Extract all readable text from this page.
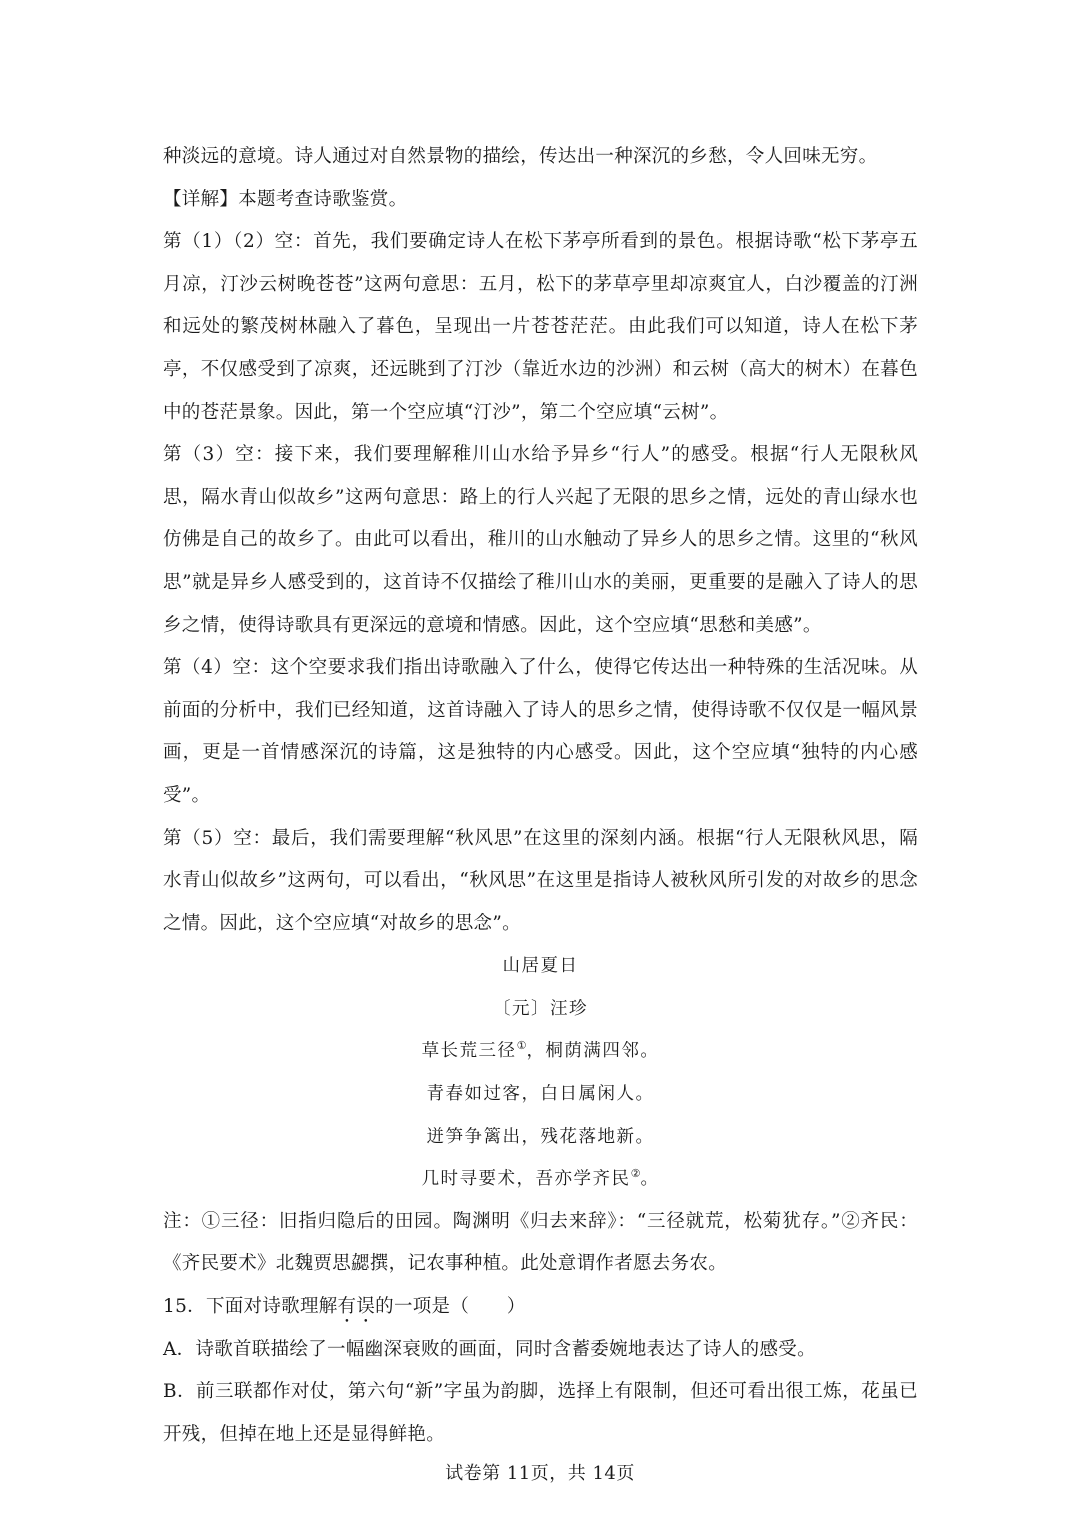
种淡远的意境。诗人通过对自然景物的描绘，传达出一种深沉的乡愁，令人回味无穷。

【详解】本题考查诗歌鉴赏。

第（1）（2）空：首先，我们要确定诗人在松下茅亭所看到的景色。根据诗歌“松下茅亭五月凉，汀沙云树晚苍苍”这两句意思：五月，松下的茅草亭里却凉爽宜人，白沙覆盖的汀洲和远处的繁茂树林融入了暮色，呈现出一片苍苍茫茫。由此我们可以知道，诗人在松下茅亭，不仅感受到了凉爽，还远眺到了汀沙（靠近水边的沙洲）和云树（高大的树木）在暮色中的苍茫景象。因此，第一个空应填“汀沙”，第二个空应填“云树”。

第（3）空：接下来，我们要理解稚川山水给予异乡“行人”的感受。根据“行人无限秋风思，隔水青山似故乡”这两句意思：路上的行人兴起了无限的思乡之情，远处的青山绿水也仿佛是自己的故乡了。由此可以看出，稚川的山水触动了异乡人的思乡之情。这里的“秋风思”就是异乡人感受到的，这首诗不仅描绘了稚川山水的美丽，更重要的是融入了诗人的思乡之情，使得诗歌具有更深远的意境和情感。因此，这个空应填“思愁和美感”。

第（4）空：这个空要求我们指出诗歌融入了什么，使得它传达出一种特殊的生活况味。从前面的分析中，我们已经知道，这首诗融入了诗人的思乡之情，使得诗歌不仅仅是一幅风景画，更是一首情感深沉的诗篇，这是独特的内心感受。因此，这个空应填“独特的内心感受”。

第（5）空：最后，我们需要理解“秋风思”在这里的深刻内涵。根据“行人无限秋风思，隔水青山似故乡”这两句，可以看出，“秋风思”在这里是指诗人被秋风所引发的对故乡的思念之情。因此，这个空应填“对故乡的思念”。

山居夏日

〔元〕汪珍

草长荒三径①，桐荫满四邻。

青春如过客，白日属闲人。

迸笋争篱出，残花落地新。

几时寻要术，吾亦学齐民②。

注：①三径：旧指归隐后的田园。陶渊明《归去来辞》：“三径就荒，松菊犹存。”②齐民：《齐民要术》北魏贾思勰撰，记农事种植。此处意谓作者愿去务农。

15．下面对诗歌理解有误的一项是（　　）

A．诗歌首联描绘了一幅幽深衰败的画面，同时含蓄委婉地表达了诗人的感受。

B．前三联都作对仗，第六句“新”字虽为韵脚，选择上有限制，但还可看出很工炼，花虽已开残，但掉在地上还是显得鲜艳。

试卷第 11页，共 14页
